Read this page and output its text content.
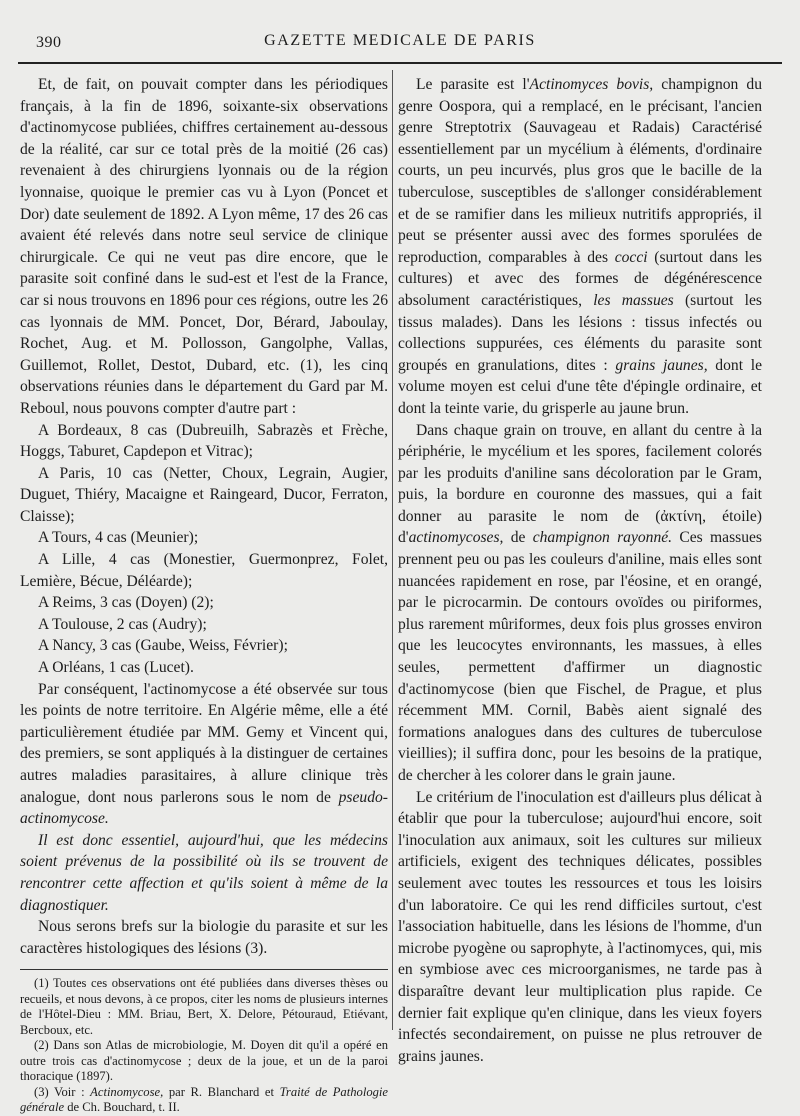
390	GAZETTE MEDICALE DE PARIS

Et, de fait, on pouvait compter dans les périodiques français, à la fin de 1896, soixante-six observations d'actinomycose publiées, chiffres certainement au-dessous de la réalité, car sur ce total près de la moitié (26 cas) revenaient à des chirurgiens lyonnais ou de la région lyonnaise, quoique le premier cas vu à Lyon (Poncet et Dor) date seulement de 1892. A Lyon même, 17 des 26 cas avaient été relevés dans notre seul service de clinique chirurgicale. Ce qui ne veut pas dire encore, que le parasite soit confiné dans le sud-est et l'est de la France, car si nous trouvons en 1896 pour ces régions, outre les 26 cas lyonnais de MM. Poncet, Dor, Bérard, Jaboulay, Rochet, Aug. et M. Pollosson, Gangolphe, Vallas, Guillemot, Rollet, Destot, Dubard, etc. (1), les cinq observations réunies dans le département du Gard par M. Reboul, nous pouvons compter d'autre part :

A Bordeaux, 8 cas (Dubreuilh, Sabrazès et Frèche, Hoggs, Taburet, Capdepon et Vitrac);

A Paris, 10 cas (Netter, Choux, Legrain, Augier, Duguet, Thiéry, Macaigne et Raingeard, Ducor, Ferraton, Claisse);

A Tours, 4 cas (Meunier);

A Lille, 4 cas (Monestier, Guermonprez, Folet, Lemière, Bécue, Déléarde);

A Reims, 3 cas (Doyen) (2);

A Toulouse, 2 cas (Audry);

A Nancy, 3 cas (Gaube, Weiss, Février);

A Orléans, 1 cas (Lucet).

Par conséquent, l'actinomycose a été observée sur tous les points de notre territoire. En Algérie même, elle a été particulièrement étudiée par MM. Gemy et Vincent qui, des premiers, se sont appliqués à la distinguer de certaines autres maladies parasitaires, à allure clinique très analogue, dont nous parlerons sous le nom de pseudo-actinomycose.

Il est donc essentiel, aujourd'hui, que les médecins soient prévenus de la possibilité où ils se trouvent de rencontrer cette affection et qu'ils soient à même de la diagnostiquer.

Nous serons brefs sur la biologie du parasite et sur les caractères histologiques des lésions (3).

(1) Toutes ces observations ont été publiées dans diverses thèses ou recueils, et nous devons, à ce propos, citer les noms de plusieurs internes de l'Hôtel-Dieu : MM. Briau, Bert, X. Delore, Pétouraud, Etiévant, Bercboux, etc.

(2) Dans son Atlas de microbiologie, M. Doyen dit qu'il a opéré en outre trois cas d'actinomycose ; deux de la joue, et un de la paroi thoracique (1897).

(3) Voir : Actinomycose, par R. Blanchard et Traité de Pathologie générale de Ch. Bouchard, t. II.

Le parasite est l'Actinomyces bovis, champignon du genre Oospora, qui a remplacé, en le précisant, l'ancien genre Streptotrix (Sauvageau et Radais) Caractérisé essentiellement par un mycélium à éléments, d'ordinaire courts, un peu incurvés, plus gros que le bacille de la tuberculose, susceptibles de s'allonger considérablement et de se ramifier dans les milieux nutritifs appropriés, il peut se présenter aussi avec des formes sporulées de reproduction, comparables à des cocci (surtout dans les cultures) et avec des formes de dégénérescence absolument caractéristiques, les massues (surtout les tissus malades). Dans les lésions : tissus infectés ou collections suppurées, ces éléments du parasite sont groupés en granulations, dites : grains jaunes, dont le volume moyen est celui d'une tête d'épingle ordinaire, et dont la teinte varie, du grisperle au jaune brun.

Dans chaque grain on trouve, en allant du centre à la périphérie, le mycélium et les spores, facilement colorés par les produits d'aniline sans décoloration par le Gram, puis, la bordure en couronne des massues, qui a fait donner au parasite le nom de (ἀκτίνη, étoile) d'actinomycoses, de champignon rayonné. Ces massues prennent peu ou pas les couleurs d'aniline, mais elles sont nuancées rapidement en rose, par l'éosine, et en orangé, par le picrocarmin. De contours ovoïdes ou piriformes, plus rarement mûriformes, deux fois plus grosses environ que les leucocytes environnants, les massues, à elles seules, permettent d'affirmer un diagnostic d'actinomycose (bien que Fischel, de Prague, et plus récemment MM. Cornil, Babès aient signalé des formations analogues dans des cultures de tuberculose vieillies); il suffira donc, pour les besoins de la pratique, de chercher à les colorer dans le grain jaune.

Le critérium de l'inoculation est d'ailleurs plus délicat à établir que pour la tuberculose; aujourd'hui encore, soit l'inoculation aux animaux, soit les cultures sur milieux artificiels, exigent des techniques délicates, possibles seulement avec toutes les ressources et tous les loisirs d'un laboratoire. Ce qui les rend difficiles surtout, c'est l'association habituelle, dans les lésions de l'homme, d'un microbe pyogène ou saprophyte, à l'actinomyces, qui, mis en symbiose avec ces microorganismes, ne tarde pas à disparaître devant leur multiplication plus rapide. Ce dernier fait explique qu'en clinique, dans les vieux foyers infectés secondairement, on puisse ne plus retrouver de grains jaunes.
